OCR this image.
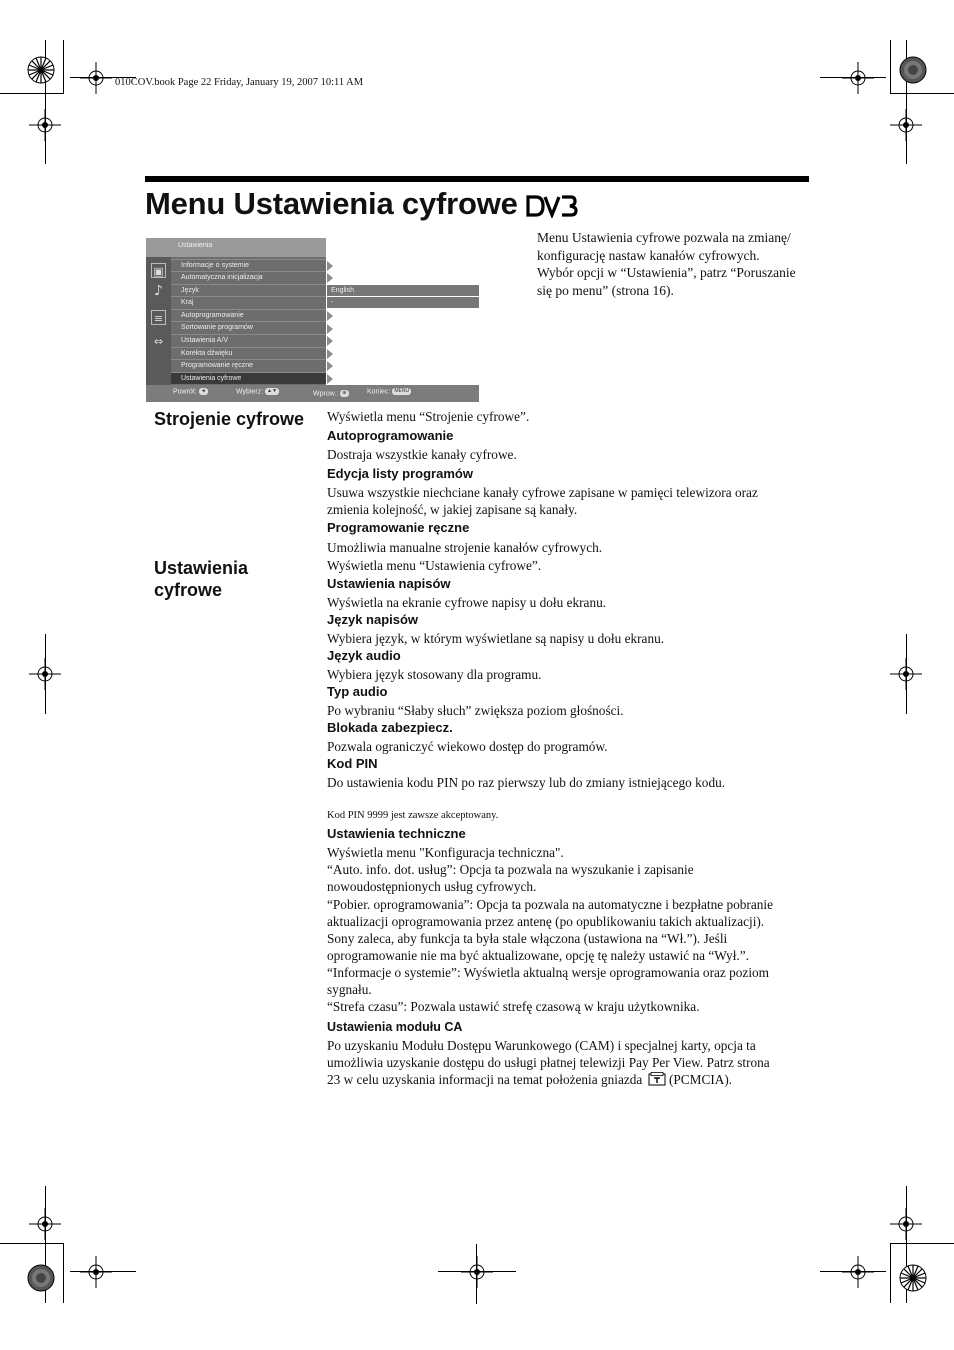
010COV.book Page 22 Friday, January 19, 2007 10:11 AM
Menu Ustawienia cyfrowe
Ustawienia
▣
♪
≡
⇔
Informacje o systemie
Automatyczna inicjalizacja
Język	English
Kraj	-
Autoprogramowanie
Sortowanie programów
Ustawienia A/V
Korekta dźwięku
Programowanie ręczne
Ustawienia cyfrowe
Powrót: ◄	Wybierz: ▲▼	Wprow.: ⊕	Koniec: MENU
Menu Ustawienia cyfrowe pozwala na zmianę/
konfigurację nastaw kanałów cyfrowych.
Wybór opcji w “Ustawienia”, patrz “Poruszanie
się po menu” (strona 16).
Strojenie cyfrowe Wyświetla menu “Strojenie cyfrowe”.
Autoprogramowanie
Dostraja wszystkie kanały cyfrowe.
Edycja listy programów
Usuwa wszystkie niechciane kanały cyfrowe zapisane w pamięci telewizora oraz
zmienia kolejność, w jakiej zapisane są kanały.
Programowanie ręczne
Umożliwia manualne strojenie kanałów cyfrowych.
Ustawienia
cyfrowe
Wyświetla menu “Ustawienia cyfrowe”.
Ustawienia napisów
Wyświetla na ekranie cyfrowe napisy u dołu ekranu.
Język napisów
Wybiera język, w którym wyświetlane są napisy u dołu ekranu.
Język audio
Wybiera język stosowany dla programu.
Typ audio
Po wybraniu “Słaby słuch” zwiększa poziom głośności.
Blokada zabezpiecz.
Pozwala ograniczyć wiekowo dostęp do programów.
Kod PIN
Do ustawienia kodu PIN po raz pierwszy lub do zmiany istniejącego kodu.
Kod PIN 9999 jest zawsze akceptowany.
Ustawienia techniczne
Wyświetla menu "Konfiguracja techniczna".
“Auto. info. dot. usług”: Opcja ta pozwala na wyszukanie i zapisanie
nowoudostępnionych usług cyfrowych.
“Pobier. oprogramowania”: Opcja ta pozwala na automatyczne i bezpłatne pobranie
aktualizacji oprogramowania przez antenę (po opublikowaniu takich aktualizacji).
Sony zaleca, aby funkcja ta była stale włączona (ustawiona na “Wł.”). Jeśli
oprogramowanie nie ma być aktualizowane, opcję tę należy ustawić na “Wył.”.
“Informacje o systemie”: Wyświetla aktualną wersje oprogramowania oraz poziom
sygnału.
“Strefa czasu”: Pozwala ustawić strefę czasową w kraju użytkownika.
Ustawienia modułu CA
Po uzyskaniu Modułu Dostępu Warunkowego (CAM) i specjalnej karty, opcja ta
umożliwia uzyskanie dostępu do usługi płatnej telewizji Pay Per View. Patrz strona
23 w celu uzyskania informacji na temat położenia gniazda  (PCMCIA).
